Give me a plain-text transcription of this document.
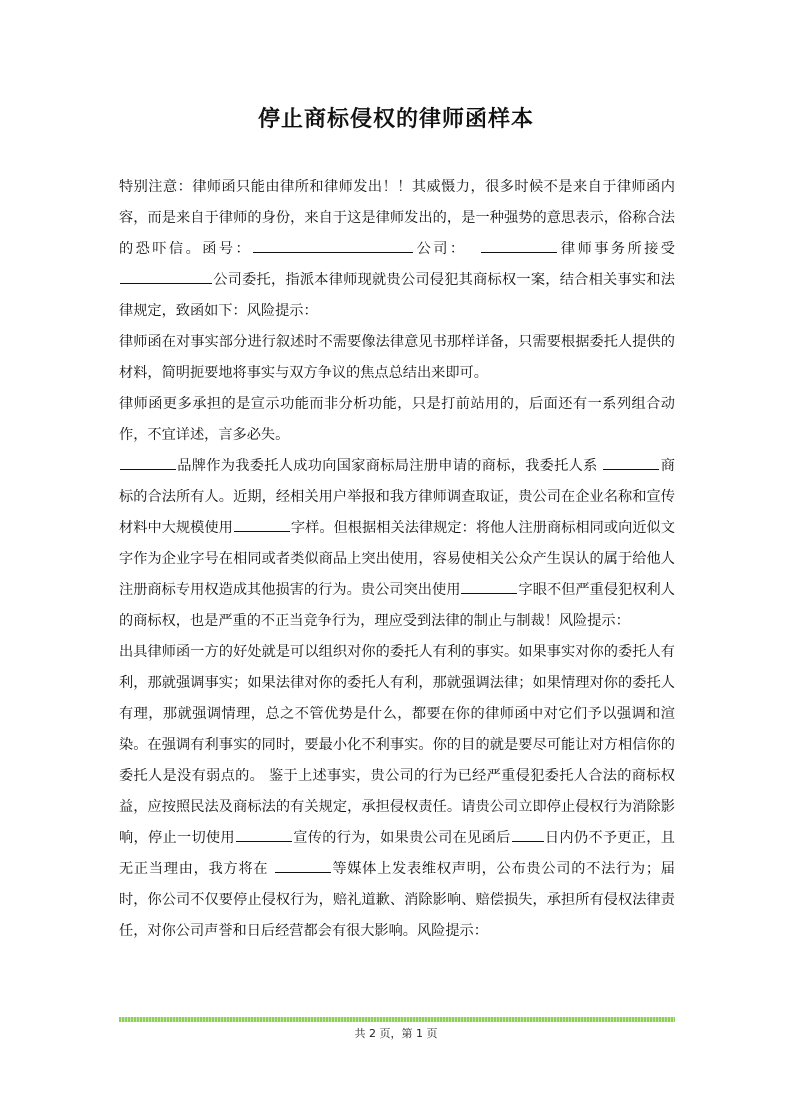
停止商标侵权的律师函样本

特别注意：律师函只能由律所和律师发出！！其威慑力，很多时候不是来自于律师函内容，而是来自于律师的身份，来自于这是律师发出的，是一种强势的意思表示，俗称合法的恐吓信。函号：	公司：	律师事务所接受公司委托，指派本律师现就贵公司侵犯其商标权一案，结合相关事实和法律规定，致函如下：风险提示：

律师函在对事实部分进行叙述时不需要像法律意见书那样详备，只需要根据委托人提供的材料，简明扼要地将事实与双方争议的焦点总结出来即可。

律师函更多承担的是宣示功能而非分析功能，只是打前站用的，后面还有一系列组合动作，不宜详述，言多必失。

品牌作为我委托人成功向国家商标局注册申请的商标，我委托人系	商标的合法所有人。近期，经相关用户举报和我方律师调查取证，贵公司在企业名称和宣传材料中大规模使用	字样。但根据相关法律规定：将他人注册商标相同或向近似文字作为企业字号在相同或者类似商品上突出使用，容易使相关公众产生误认的属于给他人注册商标专用权造成其他损害的行为。贵公司突出使用	字眼不但严重侵犯权利人的商标权，也是严重的不正当竞争行为，理应受到法律的制止与制裁！风险提示：

出具律师函一方的好处就是可以组织对你的委托人有利的事实。如果事实对你的委托人有利，那就强调事实；如果法律对你的委托人有利，那就强调法律；如果情理对你的委托人有理，那就强调情理，总之不管优势是什么，都要在你的律师函中对它们予以强调和渲染。在强调有利事实的同时，要最小化不利事实。你的目的就是要尽可能让对方相信你的委托人是没有弱点的。 鉴于上述事实，贵公司的行为已经严重侵犯委托人合法的商标权益，应按照民法及商标法的有关规定，承担侵权责任。请贵公司立即停止侵权行为消除影响，停止一切使用	宣传的行为，如果贵公司在见函后 日内仍不予更正，且无正当理由，我方将在	等媒体上发表维权声明，公布贵公司的不法行为；届时，你公司不仅要停止侵权行为，赔礼道歉、消除影响、赔偿损失，承担所有侵权法律责任，对你公司声誉和日后经营都会有很大影响。风险提示：

共 2 页，第 1 页
